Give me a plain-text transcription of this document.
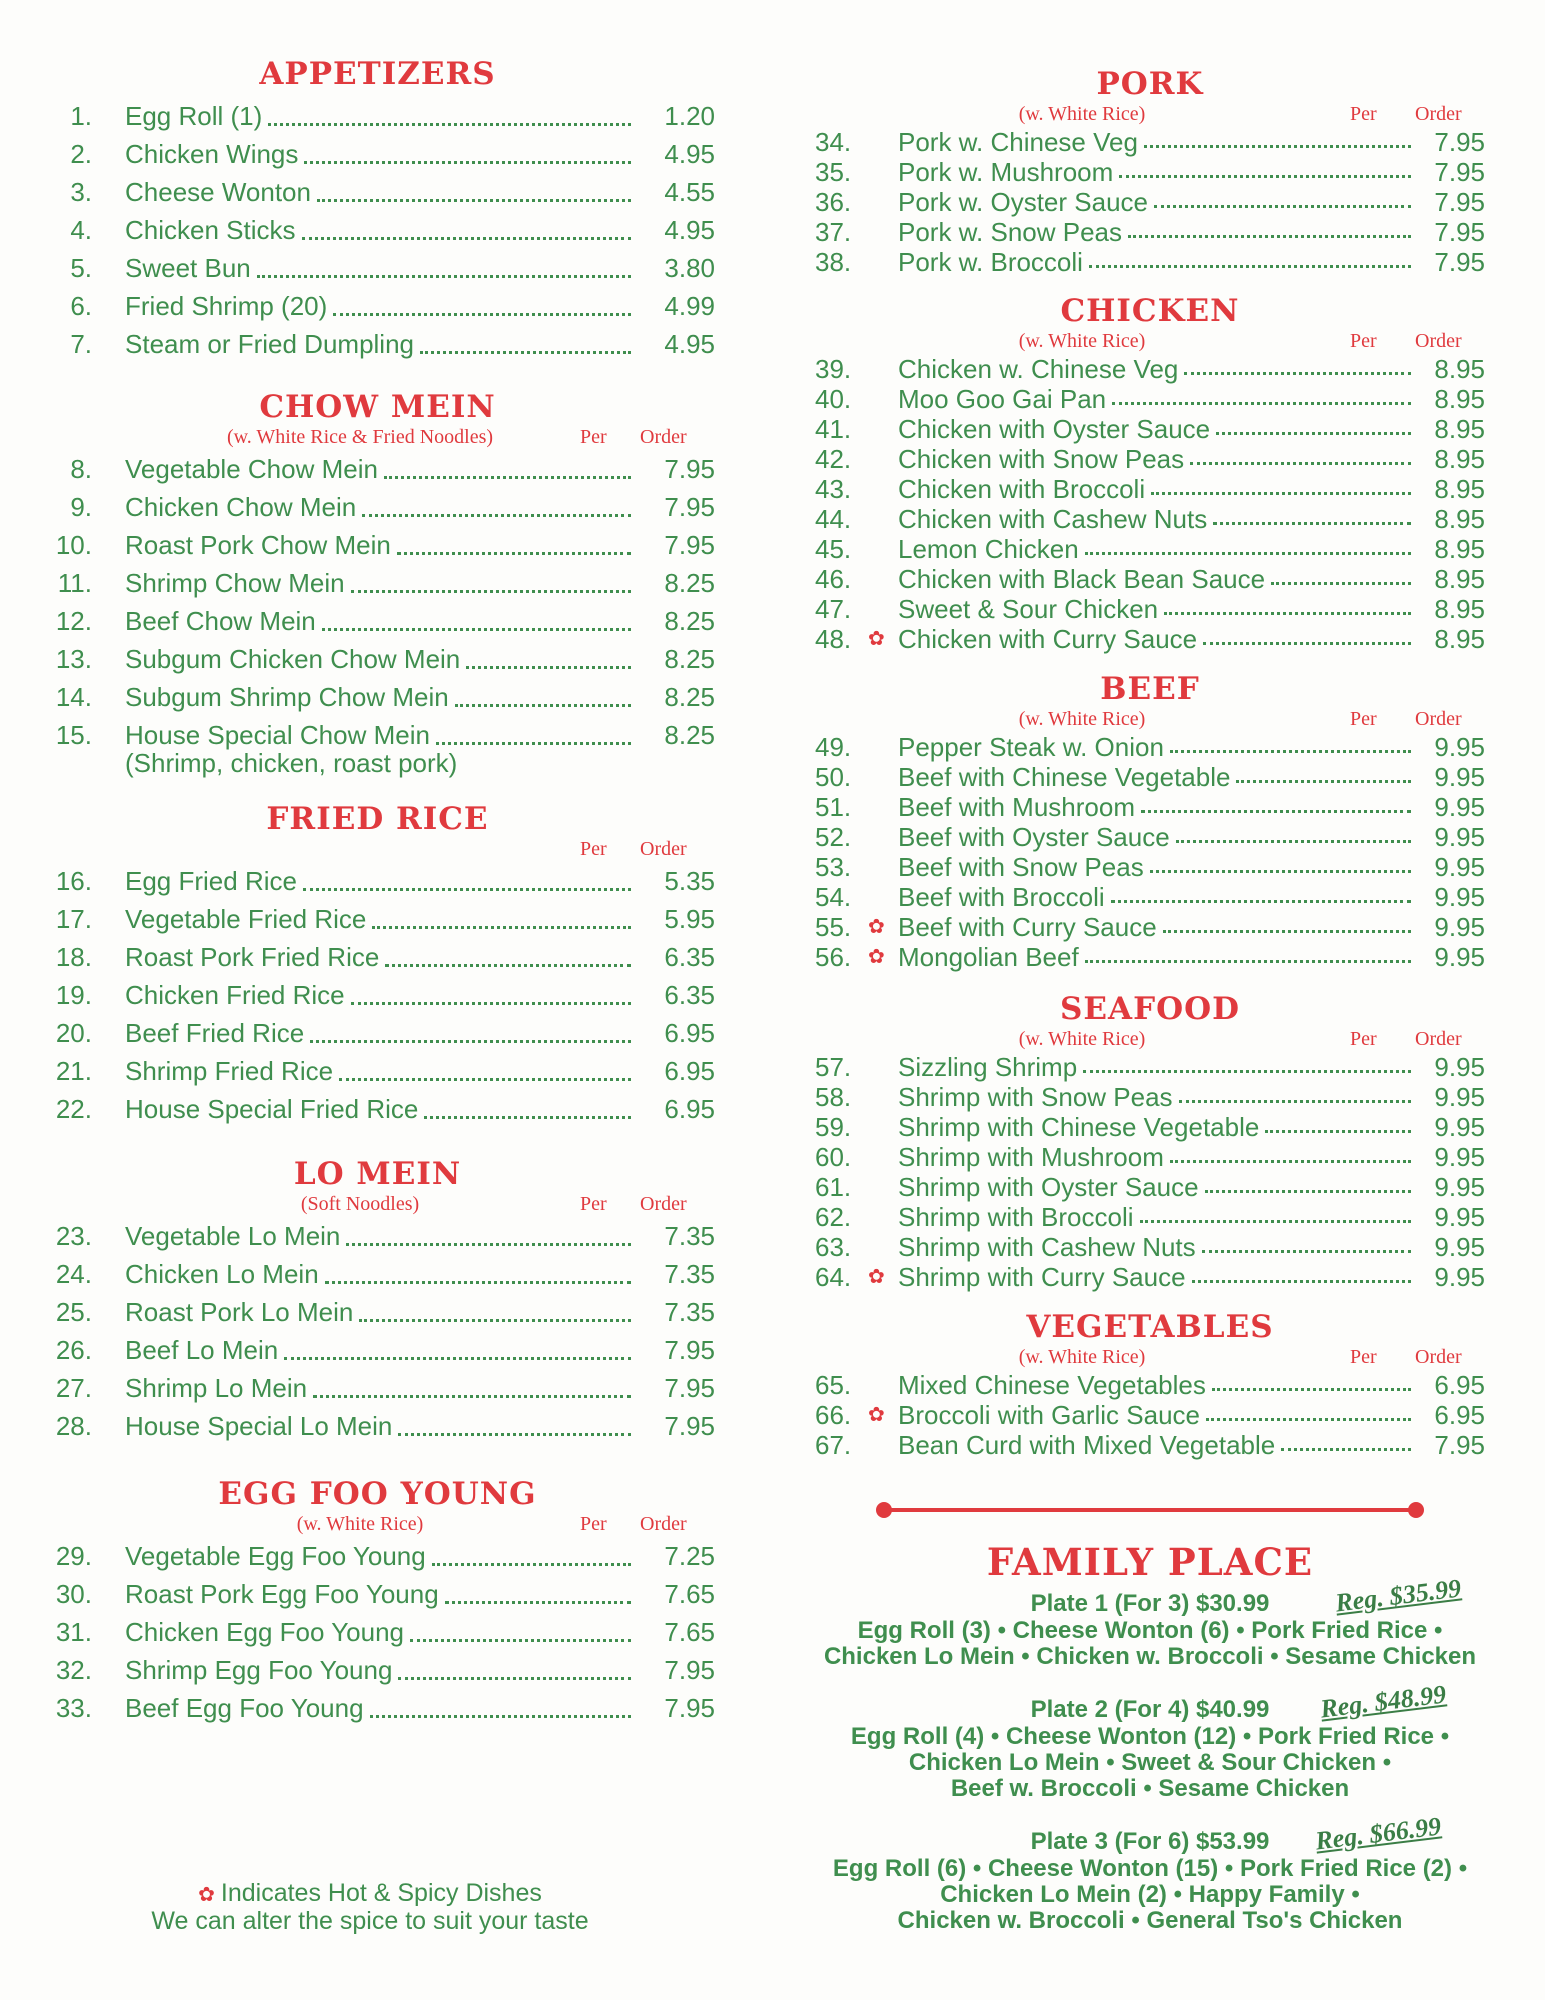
APPETIZERS
1. Egg Roll (1)	1.20
2. Chicken Wings	4.95
3. Cheese Wonton	4.55
4. Chicken Sticks	4.95
5. Sweet Bun	3.80
6. Fried Shrimp (20)	4.99
7. Steam or Fried Dumpling	4.95
CHOW MEIN
(w. White Rice & Fried Noodles)	Per Order
8. Vegetable Chow Mein	7.95
9. Chicken Chow Mein	7.95
10. Roast Pork Chow Mein	7.95
11. Shrimp Chow Mein	8.25
12. Beef Chow Mein	8.25
13. Subgum Chicken Chow Mein	8.25
14. Subgum Shrimp Chow Mein	8.25
15. House Special Chow Mein	8.25
(Shrimp, chicken, roast pork)
FRIED RICE
Per Order
16. Egg Fried Rice	5.35
17. Vegetable Fried Rice	5.95
18. Roast Pork Fried Rice	6.35
19. Chicken Fried Rice	6.35
20. Beef Fried Rice	6.95
21. Shrimp Fried Rice	6.95
22. House Special Fried Rice	6.95
LO MEIN
(Soft Noodles)	Per Order
23. Vegetable Lo Mein	7.35
24. Chicken Lo Mein	7.35
25. Roast Pork Lo Mein	7.35
26. Beef Lo Mein	7.95
27. Shrimp Lo Mein	7.95
28. House Special Lo Mein	7.95
EGG FOO YOUNG
(w. White Rice)	Per Order
29. Vegetable Egg Foo Young	7.25
30. Roast Pork Egg Foo Young	7.65
31. Chicken Egg Foo Young	7.65
32. Shrimp Egg Foo Young	7.95
33. Beef Egg Foo Young	7.95
PORK
(w. White Rice)	Per Order
34. Pork w. Chinese Veg	7.95
35. Pork w. Mushroom	7.95
36. Pork w. Oyster Sauce	7.95
37. Pork w. Snow Peas	7.95
38. Pork w. Broccoli	7.95
CHICKEN
(w. White Rice)	Per Order
39. Chicken w. Chinese Veg	8.95
40. Moo Goo Gai Pan	8.95
41. Chicken with Oyster Sauce	8.95
42. Chicken with Snow Peas	8.95
43. Chicken with Broccoli	8.95
44. Chicken with Cashew Nuts	8.95
45. Lemon Chicken	8.95
46. Chicken with Black Bean Sauce	8.95
47. Sweet & Sour Chicken	8.95
48. ✿ Chicken with Curry Sauce	8.95
BEEF
(w. White Rice)	Per Order
49. Pepper Steak w. Onion	9.95
50. Beef with Chinese Vegetable	9.95
51. Beef with Mushroom	9.95
52. Beef with Oyster Sauce	9.95
53. Beef with Snow Peas	9.95
54. Beef with Broccoli	9.95
55. ✿ Beef with Curry Sauce	9.95
56. ✿ Mongolian Beef	9.95
SEAFOOD
(w. White Rice)	Per Order
57. Sizzling Shrimp	9.95
58. Shrimp with Snow Peas	9.95
59. Shrimp with Chinese Vegetable	9.95
60. Shrimp with Mushroom	9.95
61. Shrimp with Oyster Sauce	9.95
62. Shrimp with Broccoli	9.95
63. Shrimp with Cashew Nuts	9.95
64. ✿ Shrimp with Curry Sauce	9.95
VEGETABLES
(w. White Rice)	Per Order
65. Mixed Chinese Vegetables	6.95
66. ✿ Broccoli with Garlic Sauce	6.95
67. Bean Curd with Mixed Vegetable	7.95
FAMILY PLACE
Plate 1 (For 3) $30.99 Reg. $35.99
Egg Roll (3) • Cheese Wonton (6) • Pork Fried Rice •
Chicken Lo Mein • Chicken w. Broccoli • Sesame Chicken
Plate 2 (For 4) $40.99 Reg. $48.99
Egg Roll (4) • Cheese Wonton (12) • Pork Fried Rice •
Chicken Lo Mein • Sweet & Sour Chicken •
Beef w. Broccoli • Sesame Chicken
Plate 3 (For 6) $53.99 Reg. $66.99
Egg Roll (6) • Cheese Wonton (15) • Pork Fried Rice (2) •
Chicken Lo Mein (2) • Happy Family •
Chicken w. Broccoli • General Tso's Chicken
✿ Indicates Hot & Spicy Dishes
We can alter the spice to suit your taste
